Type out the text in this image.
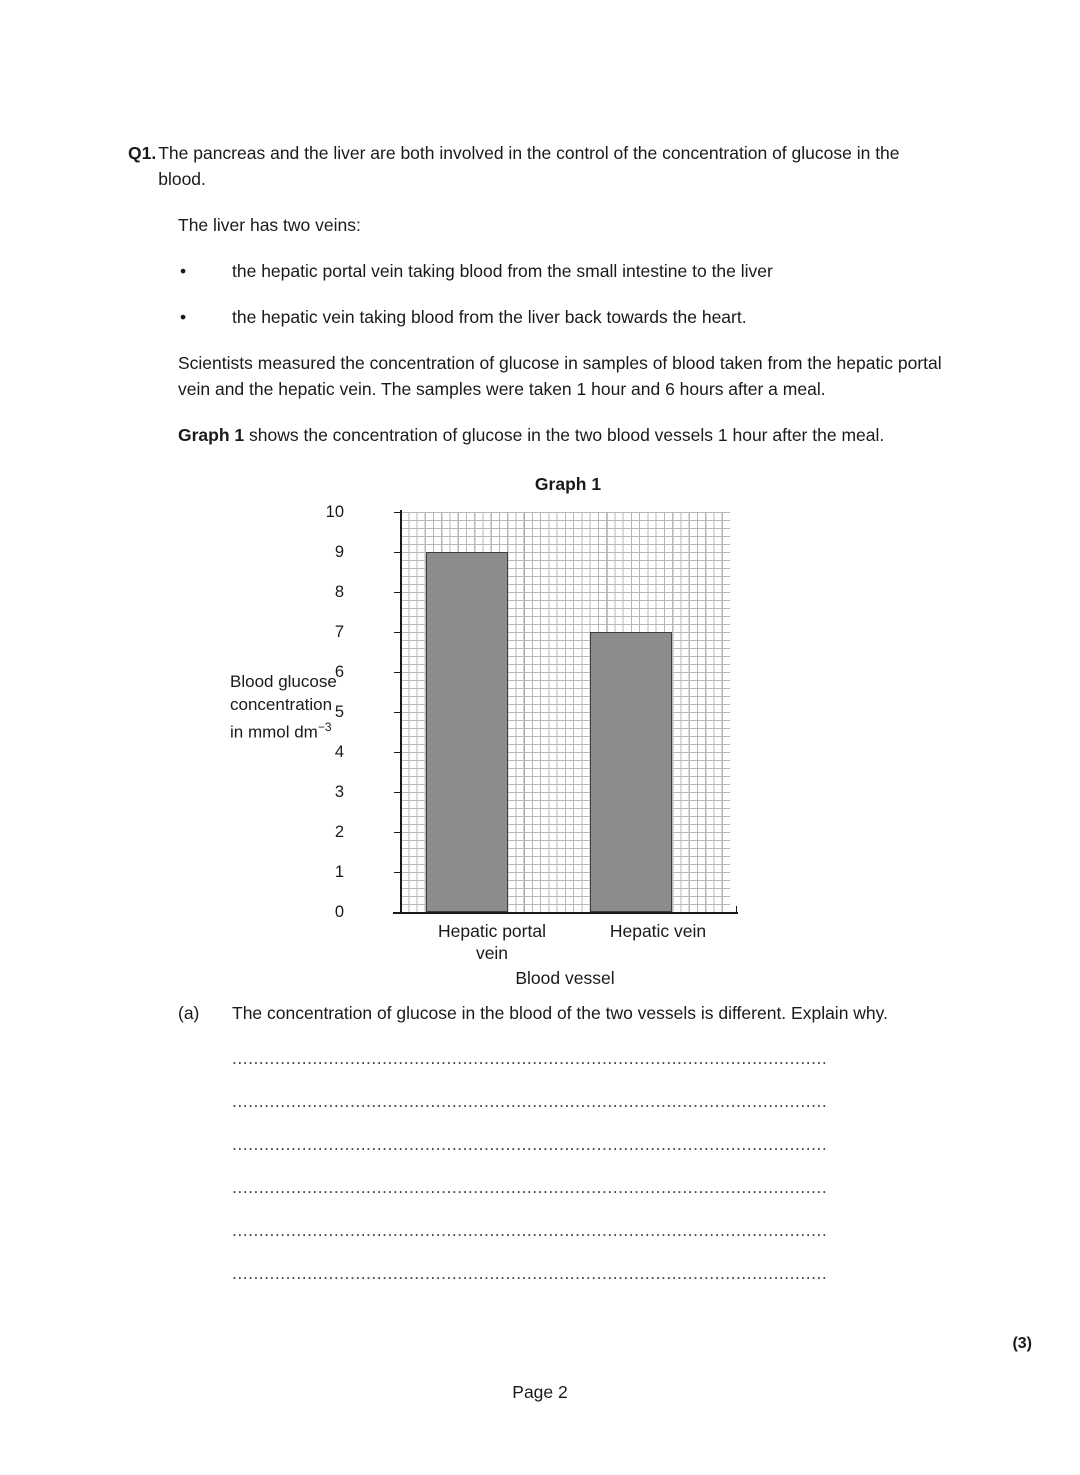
Q1. The pancreas and the liver are both involved in the control of the concentration of glucose in the blood.
The liver has two veins:
•	the hepatic portal vein taking blood from the small intestine to the liver
•	the hepatic vein taking blood from the liver back towards the heart.
Scientists measured the concentration of glucose in samples of blood taken from the hepatic portal vein and the hepatic vein. The samples were taken 1 hour and 6 hours after a meal.
Graph 1 shows the concentration of glucose in the two blood vessels 1 hour after the meal.
Graph 1
Blood glucose
concentration
in mmol $dm^{-3}$
10
9
8
7
6
5
4
3
2
1
0
Hepatic portal
vein
Hepatic vein
Blood vessel
(a)	The concentration of glucose in the blood of the two vessels is different. Explain why.
...............................................................................................................
...............................................................................................................
...............................................................................................................
...............................................................................................................
...............................................................................................................
...............................................................................................................
(3)
Page 2
